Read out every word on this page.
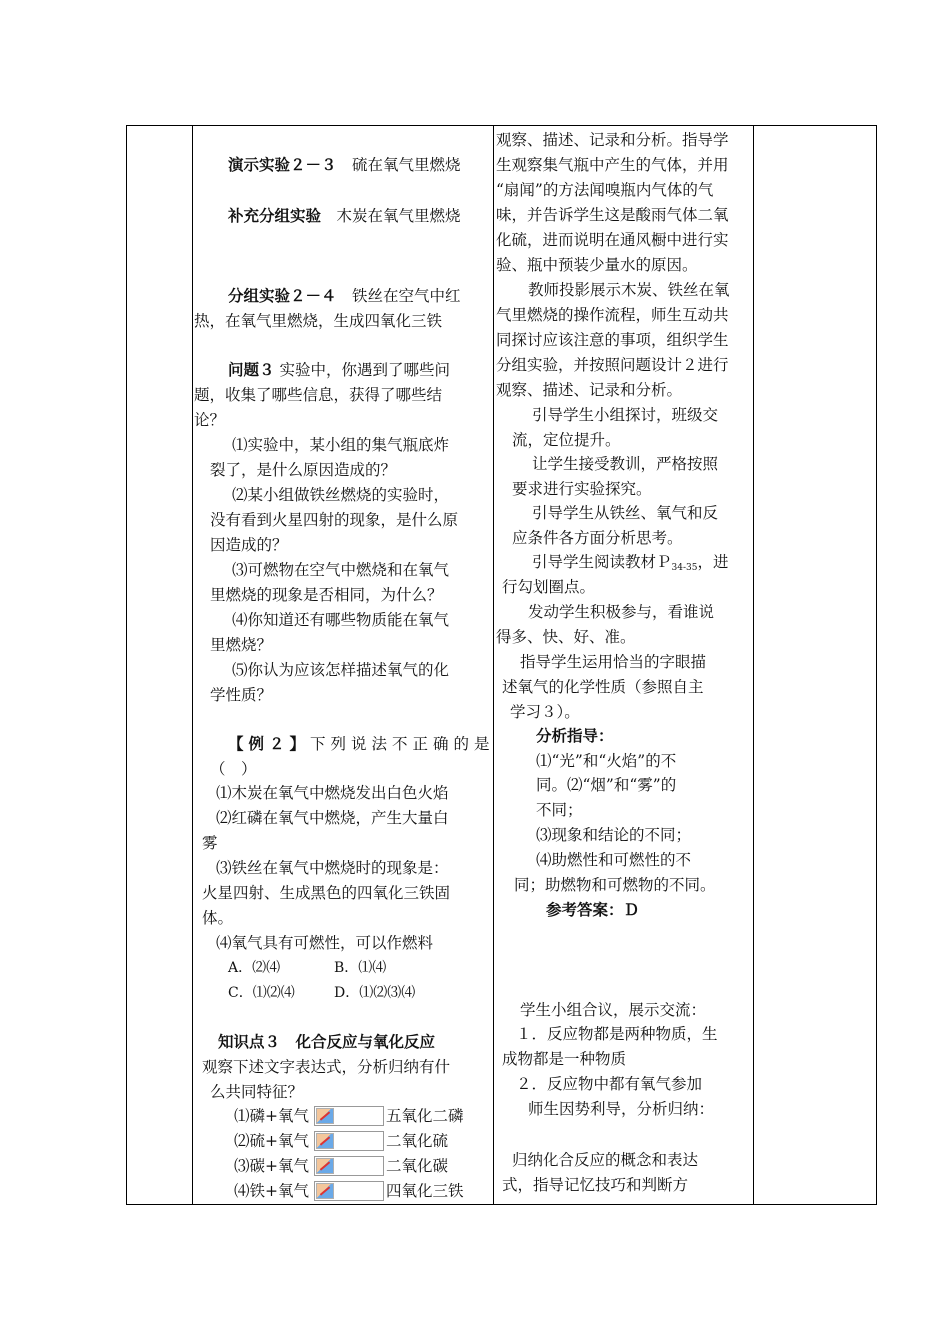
演示实验２－３　 硫在氧气里燃烧
补充分组实验　 木炭在氧气里燃烧
分组实验２－４　 铁丝在空气中红
热，在氧气里燃烧，生成四氧化三铁
问题３ 实验中，你遇到了哪些问
题，收集了哪些信息，获得了哪些结
论？
⑴实验中，某小组的集气瓶底炸
裂了，是什么原因造成的？
⑵某小组做铁丝燃烧的实验时，
没有看到火星四射的现象，是什么原
因造成的？
⑶可燃物在空气中燃烧和在氧气
里燃烧的现象是否相同，为什么？
⑷你知道还有哪些物质能在氧气
里燃烧？
⑸你认为应该怎样描述氧气的化
学性质？
【例２】下列说法不正确的是
（　）
⑴木炭在氧气中燃烧发出白色火焰
⑵红磷在氧气中燃烧，产生大量白
雾
⑶铁丝在氧气中燃烧时的现象是：
火星四射、生成黑色的四氧化三铁固
体。
⑷氧气具有可燃性，可以作燃料
A．⑵⑷	B．⑴⑷
C．⑴⑵⑷	D．⑴⑵⑶⑷
知识点３　化合反应与氧化反应
观察下述文字表达式，分析归纳有什
么共同特征？
⑴磷+氧气	五氧化二磷
⑵硫+氧气	二氧化硫
⑶碳+氧气	二氧化碳
⑷铁+氧气	四氧化三铁
观察、描述、记录和分析。指导学
生观察集气瓶中产生的气体，并用
“扇闻”的方法闻嗅瓶内气体的气
味，并告诉学生这是酸雨气体二氧
化硫，进而说明在通风橱中进行实
验、瓶中预装少量水的原因。
教师投影展示木炭、铁丝在氧
气里燃烧的操作流程，师生互动共
同探讨应该注意的事项，组织学生
分组实验，并按照问题设计２进行
观察、描述、记录和分析。
引导学生小组探讨，班级交
流，定位提升。
让学生接受教训，严格按照
要求进行实验探究。
引导学生从铁丝、氧气和反
应条件各方面分析思考。
引导学生阅读教材Ｐ$_{34-35}$，进
行勾划圈点。
发动学生积极参与，看谁说
得多、快、好、准。
指导学生运用恰当的字眼描
述氧气的化学性质（参照自主
学习３）。
分析指导：
⑴“光”和“火焰”的不
同。⑵“烟”和“雾”的
不同；
⑶现象和结论的不同；
⑷助燃性和可燃性的不
同；助燃物和可燃物的不同。
参考答案：Ｄ
学生小组合议，展示交流：
１．反应物都是两种物质，生
成物都是一种物质
２．反应物中都有氧气参加
师生因势利导，分析归纳：
归纳化合反应的概念和表达
式，指导记忆技巧和判断方
